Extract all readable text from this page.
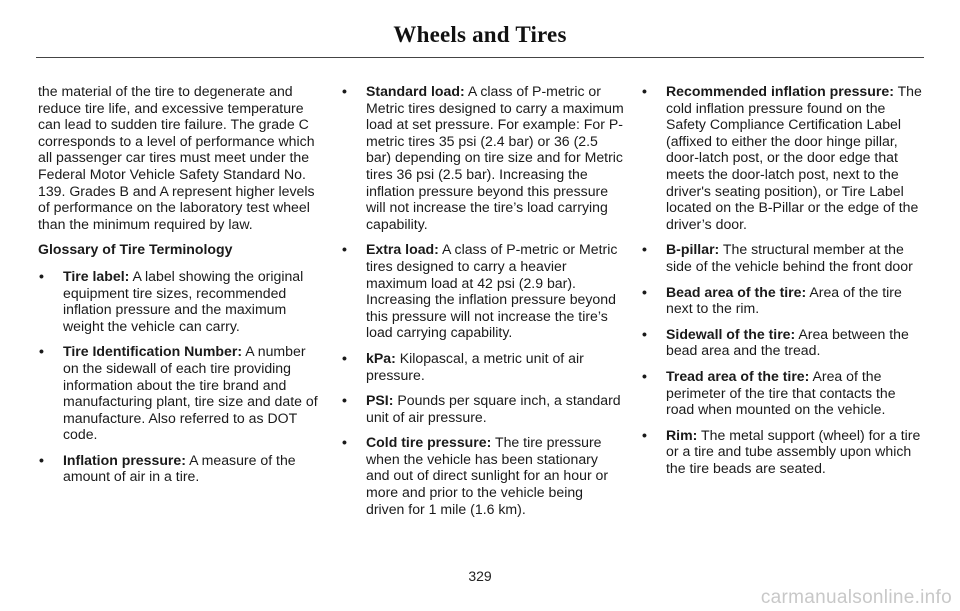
Wheels and Tires

the material of the tire to degenerate and reduce tire life, and excessive temperature can lead to sudden tire failure. The grade C corresponds to a level of performance which all passenger car tires must meet under the Federal Motor Vehicle Safety Standard No. 139. Grades B and A represent higher levels of performance on the laboratory test wheel than the minimum required by law.

Glossary of Tire Terminology

• Tire label: A label showing the original equipment tire sizes, recommended inflation pressure and the maximum weight the vehicle can carry.
• Tire Identification Number: A number on the sidewall of each tire providing information about the tire brand and manufacturing plant, tire size and date of manufacture. Also referred to as DOT code.
• Inflation pressure: A measure of the amount of air in a tire.
• Standard load: A class of P-metric or Metric tires designed to carry a maximum load at set pressure. For example: For P-metric tires 35 psi (2.4 bar) or 36 (2.5 bar) depending on tire size and for Metric tires 36 psi (2.5 bar). Increasing the inflation pressure beyond this pressure will not increase the tire’s load carrying capability.
• Extra load: A class of P-metric or Metric tires designed to carry a heavier maximum load at 42 psi (2.9 bar). Increasing the inflation pressure beyond this pressure will not increase the tire’s load carrying capability.
• kPa: Kilopascal, a metric unit of air pressure.
• PSI: Pounds per square inch, a standard unit of air pressure.
• Cold tire pressure: The tire pressure when the vehicle has been stationary and out of direct sunlight for an hour or more and prior to the vehicle being driven for 1 mile (1.6 km).
• Recommended inflation pressure: The cold inflation pressure found on the Safety Compliance Certification Label (affixed to either the door hinge pillar, door-latch post, or the door edge that meets the door-latch post, next to the driver's seating position), or Tire Label located on the B-Pillar or the edge of the driver’s door.
• B-pillar: The structural member at the side of the vehicle behind the front door
• Bead area of the tire: Area of the tire next to the rim.
• Sidewall of the tire: Area between the bead area and the tread.
• Tread area of the tire: Area of the perimeter of the tire that contacts the road when mounted on the vehicle.
• Rim: The metal support (wheel) for a tire or a tire and tube assembly upon which the tire beads are seated.
329
carmanualsonline.info
